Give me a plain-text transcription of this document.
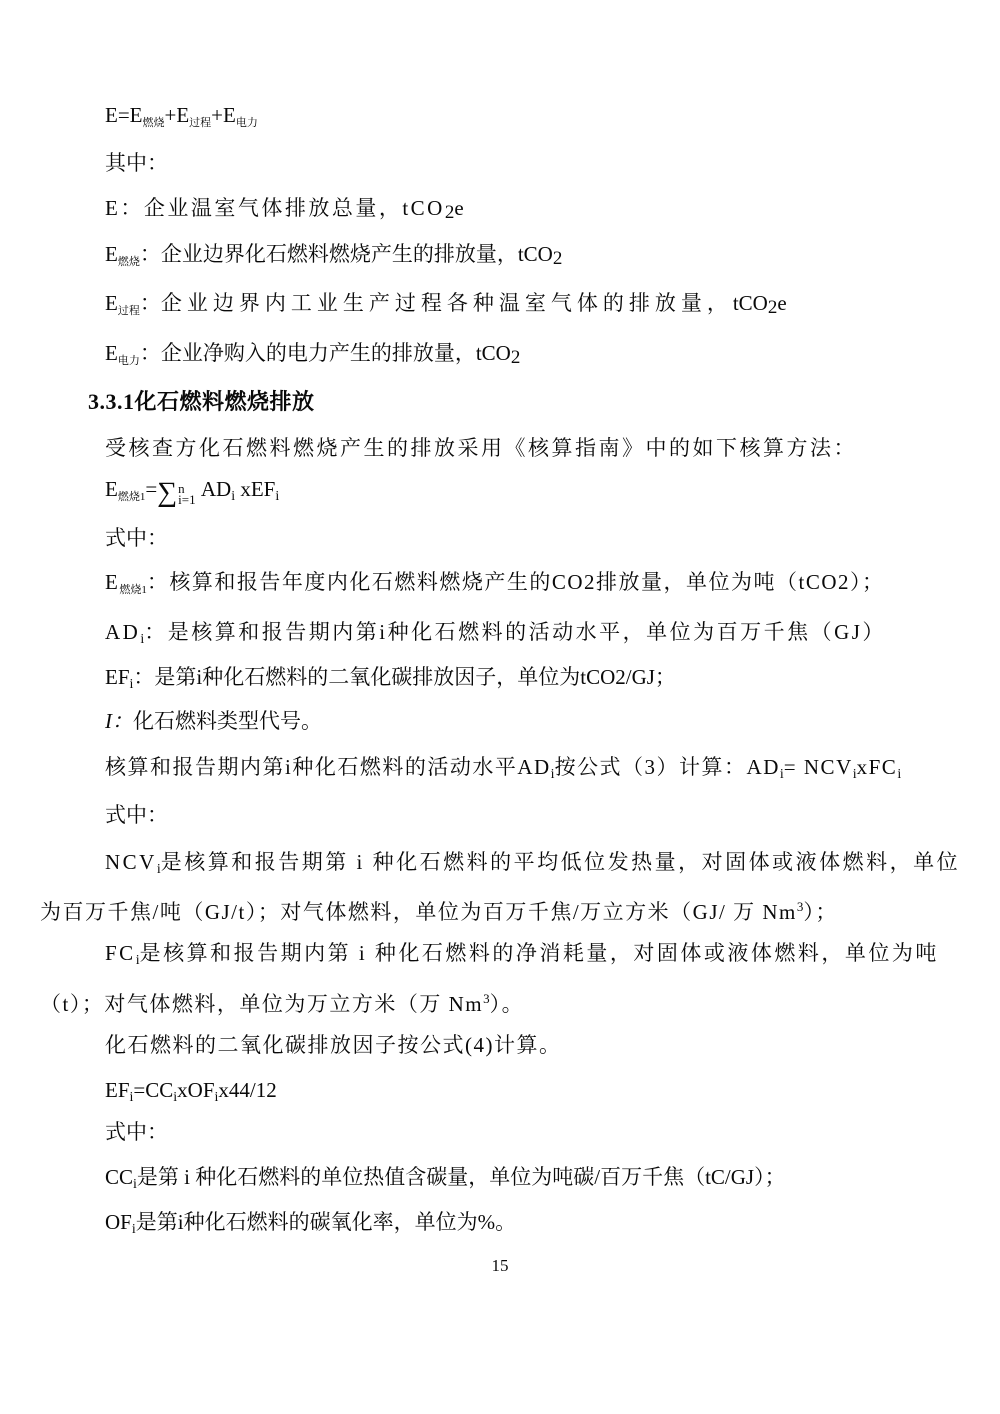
E=E燃烧+E过程+E电力

其中：

E：企业温室气体排放总量，tCO2e

E燃烧：企业边界化石燃料燃烧产生的排放量，tCO2

E过程：企业边界内工业生产过程各种温室气体的排放量，tCO2e

E电力：企业净购入的电力产生的排放量，tCO2

3.3.1化石燃料燃烧排放

受核查方化石燃料燃烧产生的排放采用《核算指南》中的如下核算方法：

E燃烧1=∑ n
i=1 ADi xEFi

式中：

E燃烧1：核算和报告年度内化石燃料燃烧产生的CO2排放量，单位为吨（tCO2）；

ADi：是核算和报告期内第i种化石燃料的活动水平，单位为百万千焦（GJ）

EFi：是第i种化石燃料的二氧化碳排放因子，单位为tCO2/GJ；

I：化石燃料类型代号。

核算和报告期内第i种化石燃料的活动水平ADi按公式（3）计算：ADi= NCVixFCi

式中：

NCVi是核算和报告期第 i 种化石燃料的平均低位发热量，对固体或液体燃料，单位

为百万千焦/吨（GJ/t）；对气体燃料，单位为百万千焦/万立方米（GJ/ 万 Nm$^3$）；

FCi是核算和报告期内第 i 种化石燃料的净消耗量，对固体或液体燃料，单位为吨

（t）；对气体燃料，单位为万立方米（万 Nm$^3$）。

化石燃料的二氧化碳排放因子按公式(4)计算。

EFi=CCixOFix44/12

式中：

CCi是第 i 种化石燃料的单位热值含碳量，单位为吨碳/百万千焦（tC/GJ）；

OFi是第i种化石燃料的碳氧化率，单位为%。

15
